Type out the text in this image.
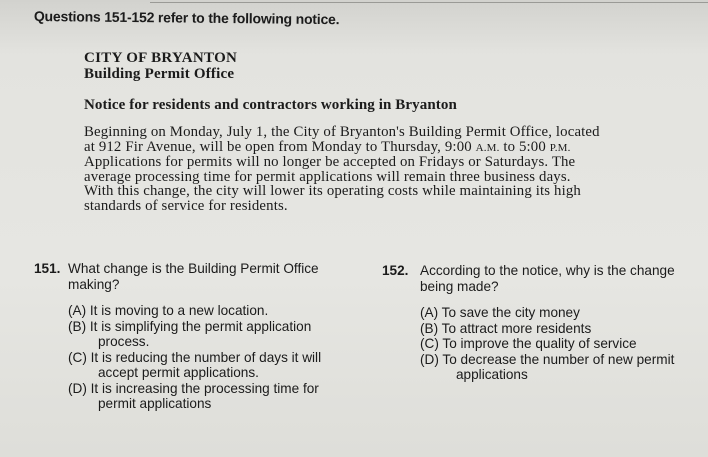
Questions 151-152 refer to the following notice.
CITY OF BRYANTON
Building Permit Office
Notice for residents and contractors working in Bryanton

Beginning on Monday, July 1, the City of Bryanton's Building Permit Office, located
at 912 Fir Avenue, will be open from Monday to Thursday, 9:00 A.M. to 5:00 P.M.
Applications for permits will no longer be accepted on Fridays or Saturdays. The
average processing time for permit applications will remain three business days.
With this change, the city will lower its operating costs while maintaining its high
standards of service for residents.

151. What change is the Building Permit Office
making?
(A) It is moving to a new location.
(B) It is simplifying the permit application
process.
(C) It is reducing the number of days it will
accept permit applications.
(D) It is increasing the processing time for
permit applications
152. According to the notice, why is the change
being made?
(A) To save the city money
(B) To attract more residents
(C) To improve the quality of service
(D) To decrease the number of new permit
applications
